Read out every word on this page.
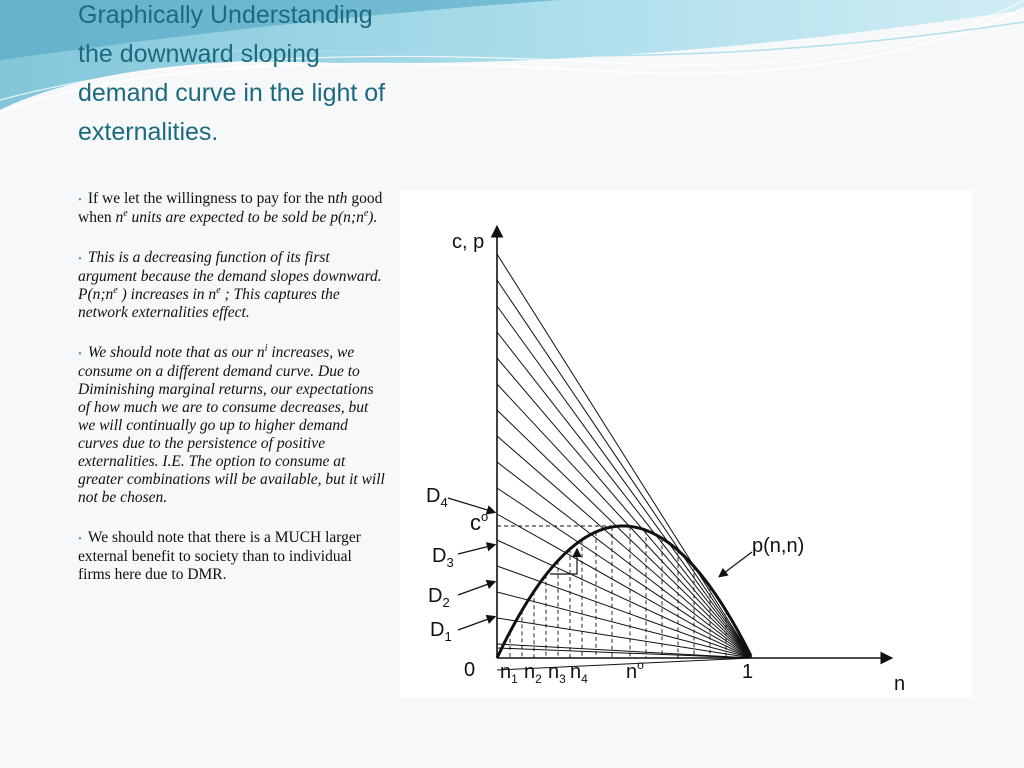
Graphically Understanding the downward sloping demand curve in the light of externalities.
• If we let the willingness to pay for the nth good when $n^e$ units are expected to be sold be $p(n;n^e)$.
• This is a decreasing function of its first argument because the demand slopes downward. $P(n;n^e$ ) increases in $n^e$ ; This captures the network externalities effect.
• We should note that as our $n^i$ increases, we consume on a different demand curve. Due to Diminishing marginal returns, our expectations of how much we are to consume decreases, but we will continually go up to higher demand curves due to the persistence of positive externalities. I.E. The option to consume at greater combinations will be available, but it will not be chosen.
• We should note that there is a MUCH larger external benefit to society than to individual firms here due to DMR.
c, p
n
0	1
p(n,n)
$c^o$
$n_1$ $n_2$ $n_3$ $n_4$ $n^o$
$D_4$
$D_3$
$D_2$
$D_1$
